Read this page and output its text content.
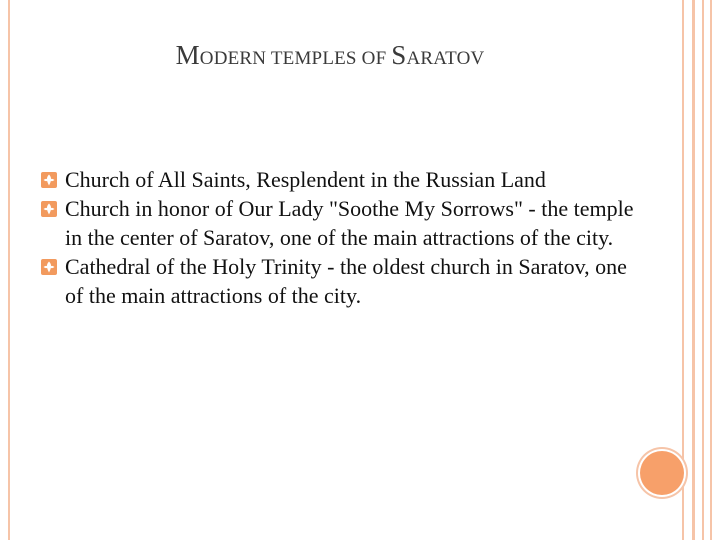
MODERN TEMPLES OF SARATOV
Church of All Saints, Resplendent in the Russian Land
Church in honor of Our Lady "Soothe My Sorrows" - the temple in the center of Saratov, one of the main attractions of the city.
Cathedral of the Holy Trinity - the oldest church in Saratov, one of the main attractions of the city.
